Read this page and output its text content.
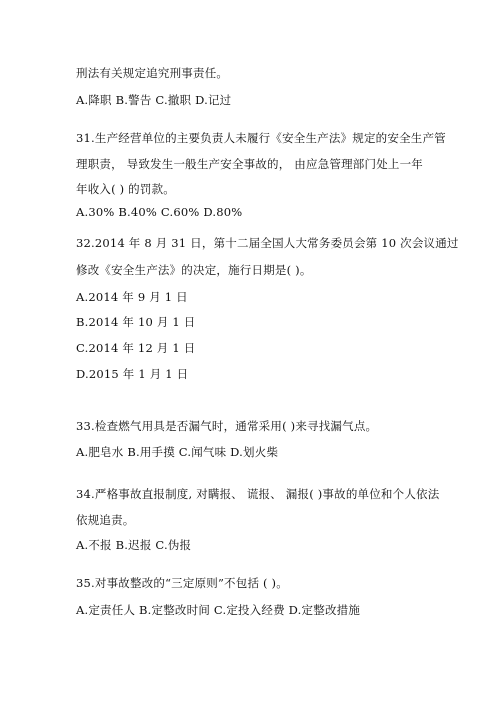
刑法有关规定追究刑事责任。
A.降职 B.警告 C.撤职 D.记过
31.生产经营单位的主要负责人未履行《安全生产法》规定的安全生产管
理职责， 导致发生一般生产安全事故的， 由应急管理部门处上一年
年收入( ) 的罚款。
A.30% B.40% C.60% D.80%
32.2014 年 8 月 31 日，第十二届全国人大常务委员会第 10 次会议通过
修改《安全生产法》的决定，施行日期是( )。
A.2014 年 9 月 1 日
B.2014 年 10 月 1 日
C.2014 年 12 月 1 日
D.2015 年 1 月 1 日
33.检查燃气用具是否漏气时，通常采用( )来寻找漏气点。
A.肥皂水 B.用手摸 C.闻气味 D.划火柴
34.严格事故直报制度, 对瞒报、 谎报、 漏报( )事故的单位和个人依法
依规追责。
A.不报 B.迟报 C.伪报
35.对事故整改的“三定原则”不包括 ( )。
A.定责任人 B.定整改时间 C.定投入经费 D.定整改措施
